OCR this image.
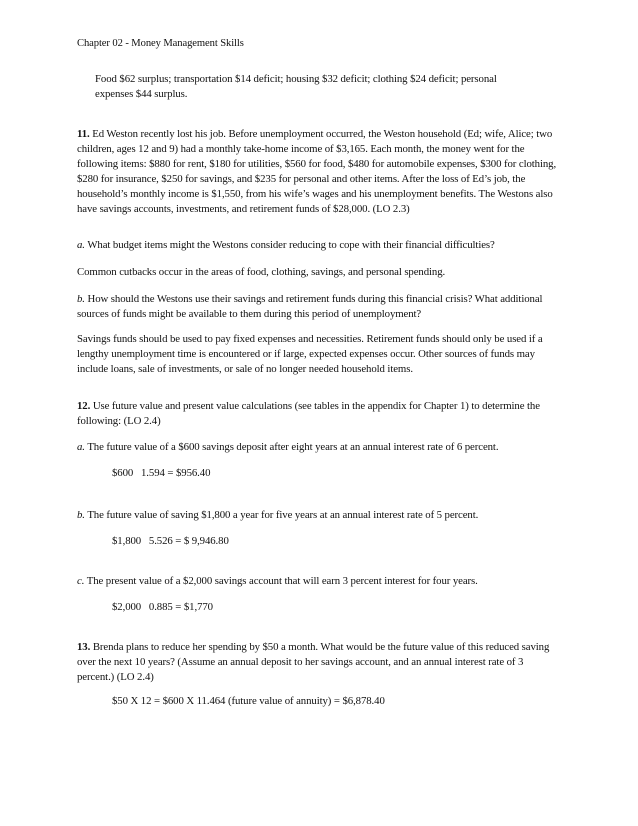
Chapter 02 - Money Management Skills

Food $62 surplus; transportation $14 deficit; housing $32 deficit; clothing $24 deficit; personal expenses $44 surplus.

11. Ed Weston recently lost his job. Before unemployment occurred, the Weston household (Ed; wife, Alice; two children, ages 12 and 9) had a monthly take-home income of $3,165. Each month, the money went for the following items: $880 for rent, $180 for utilities, $560 for food, $480 for automobile expenses, $300 for clothing, $280 for insurance, $250 for savings, and $235 for personal and other items. After the loss of Ed’s job, the household’s monthly income is $1,550, from his wife’s wages and his unemployment benefits. The Westons also have savings accounts, investments, and retirement funds of $28,000. (LO 2.3)

a. What budget items might the Westons consider reducing to cope with their financial difficulties?

Common cutbacks occur in the areas of food, clothing, savings, and personal spending.

b. How should the Westons use their savings and retirement funds during this financial crisis? What additional sources of funds might be available to them during this period of unemployment?

Savings funds should be used to pay fixed expenses and necessities. Retirement funds should only be used if a lengthy unemployment time is encountered or if large, expected expenses occur. Other sources of funds may include loans, sale of investments, or sale of no longer needed household items.

12. Use future value and present value calculations (see tables in the appendix for Chapter 1) to determine the following: (LO 2.4)

a. The future value of a $600 savings deposit after eight years at an annual interest rate of 6 percent.

$600   1.594 = $956.40

b. The future value of saving $1,800 a year for five years at an annual interest rate of 5 percent.

$1,800   5.526 = $ 9,946.80

c. The present value of a $2,000 savings account that will earn 3 percent interest for four years.

$2,000   0.885 = $1,770

13. Brenda plans to reduce her spending by $50 a month. What would be the future value of this reduced saving over the next 10 years? (Assume an annual deposit to her savings account, and an annual interest rate of 3 percent.) (LO 2.4)

$50 X 12 = $600 X 11.464 (future value of annuity) = $6,878.40
